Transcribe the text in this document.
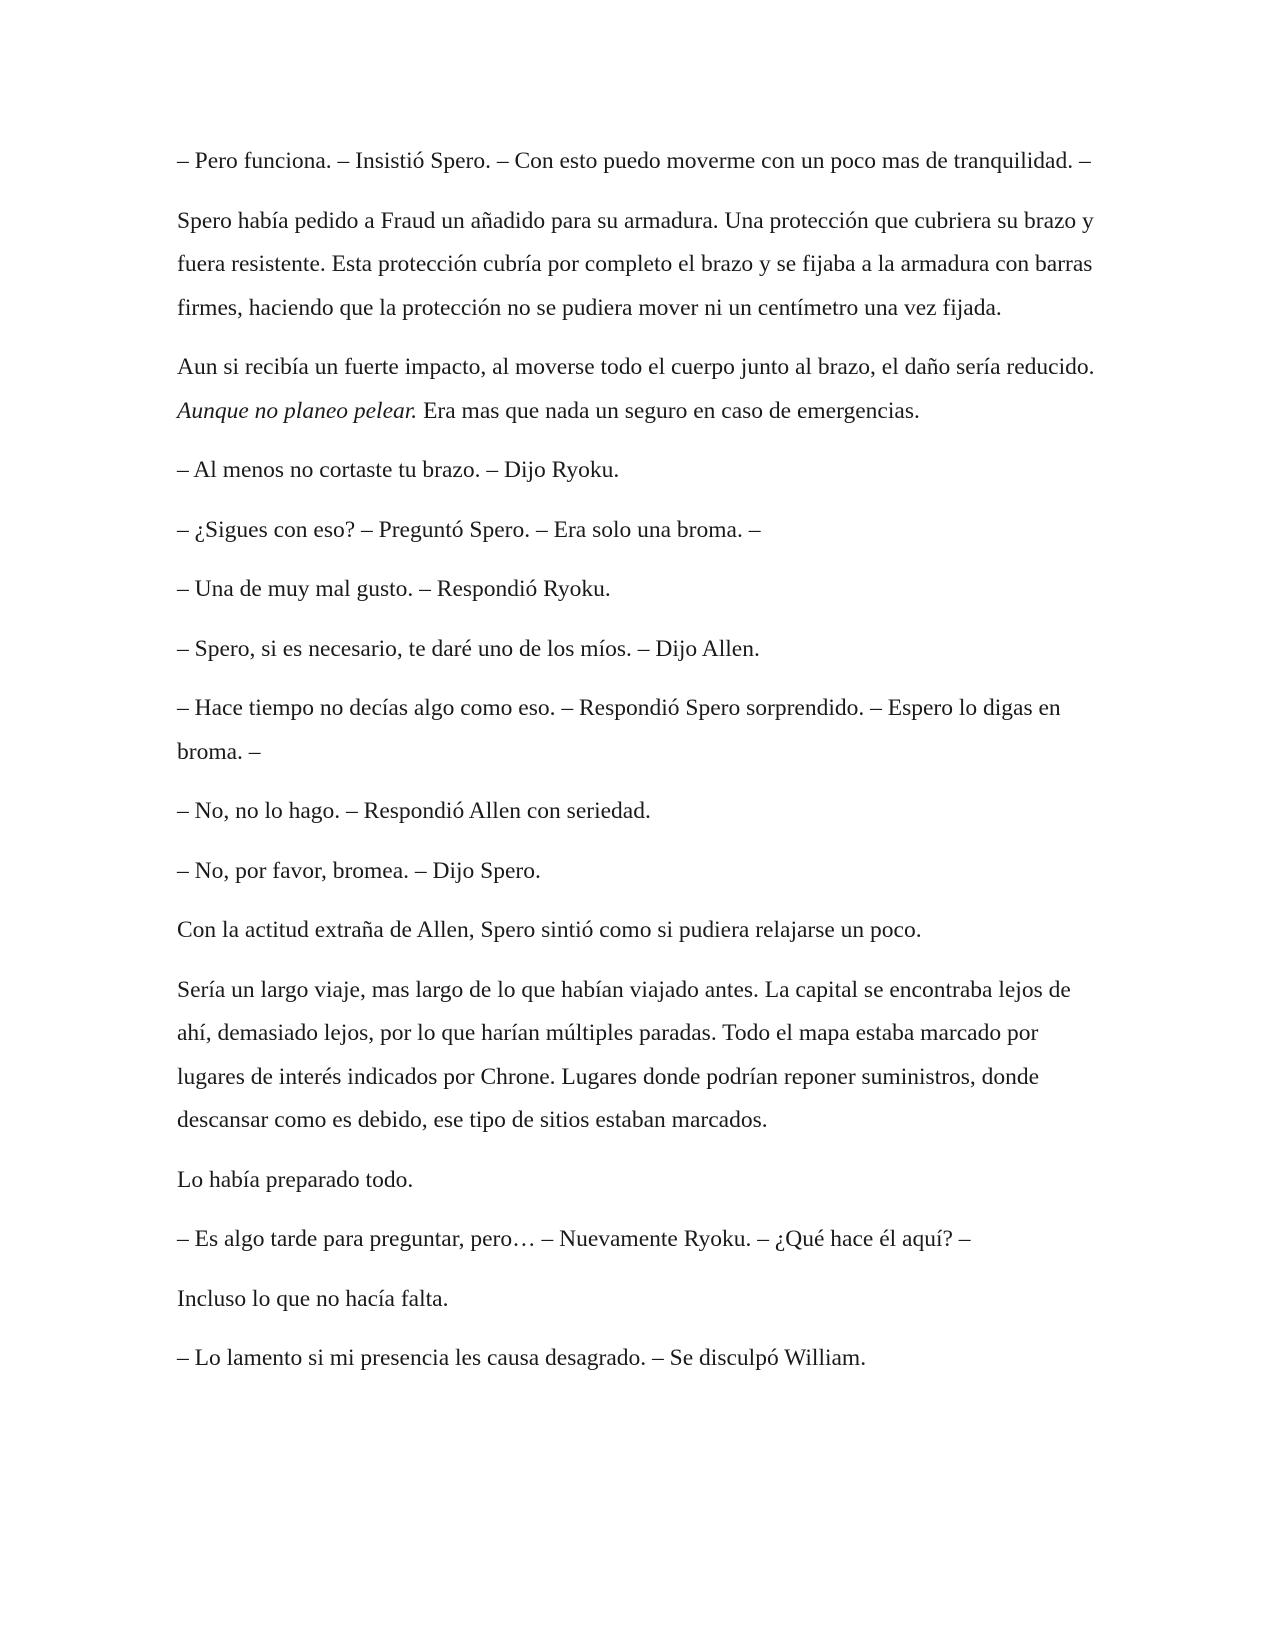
– Pero funciona. – Insistió Spero. – Con esto puedo moverme con un poco mas de tranquilidad. –

Spero había pedido a Fraud un añadido para su armadura. Una protección que cubriera su brazo y fuera resistente. Esta protección cubría por completo el brazo y se fijaba a la armadura con barras firmes, haciendo que la protección no se pudiera mover ni un centímetro una vez fijada.

Aun si recibía un fuerte impacto, al moverse todo el cuerpo junto al brazo, el daño sería reducido. Aunque no planeo pelear. Era mas que nada un seguro en caso de emergencias.

– Al menos no cortaste tu brazo. – Dijo Ryoku.

– ¿Sigues con eso? – Preguntó Spero. – Era solo una broma. –

– Una de muy mal gusto. – Respondió Ryoku.

– Spero, si es necesario, te daré uno de los míos. – Dijo Allen.

– Hace tiempo no decías algo como eso. – Respondió Spero sorprendido. – Espero lo digas en broma. –

– No, no lo hago. – Respondió Allen con seriedad.

– No, por favor, bromea. – Dijo Spero.

Con la actitud extraña de Allen, Spero sintió como si pudiera relajarse un poco.

Sería un largo viaje, mas largo de lo que habían viajado antes. La capital se encontraba lejos de ahí, demasiado lejos, por lo que harían múltiples paradas. Todo el mapa estaba marcado por lugares de interés indicados por Chrone. Lugares donde podrían reponer suministros, donde descansar como es debido, ese tipo de sitios estaban marcados.

Lo había preparado todo.

– Es algo tarde para preguntar, pero… – Nuevamente Ryoku. – ¿Qué hace él aquí? –

Incluso lo que no hacía falta.

– Lo lamento si mi presencia les causa desagrado. – Se disculpó William.
